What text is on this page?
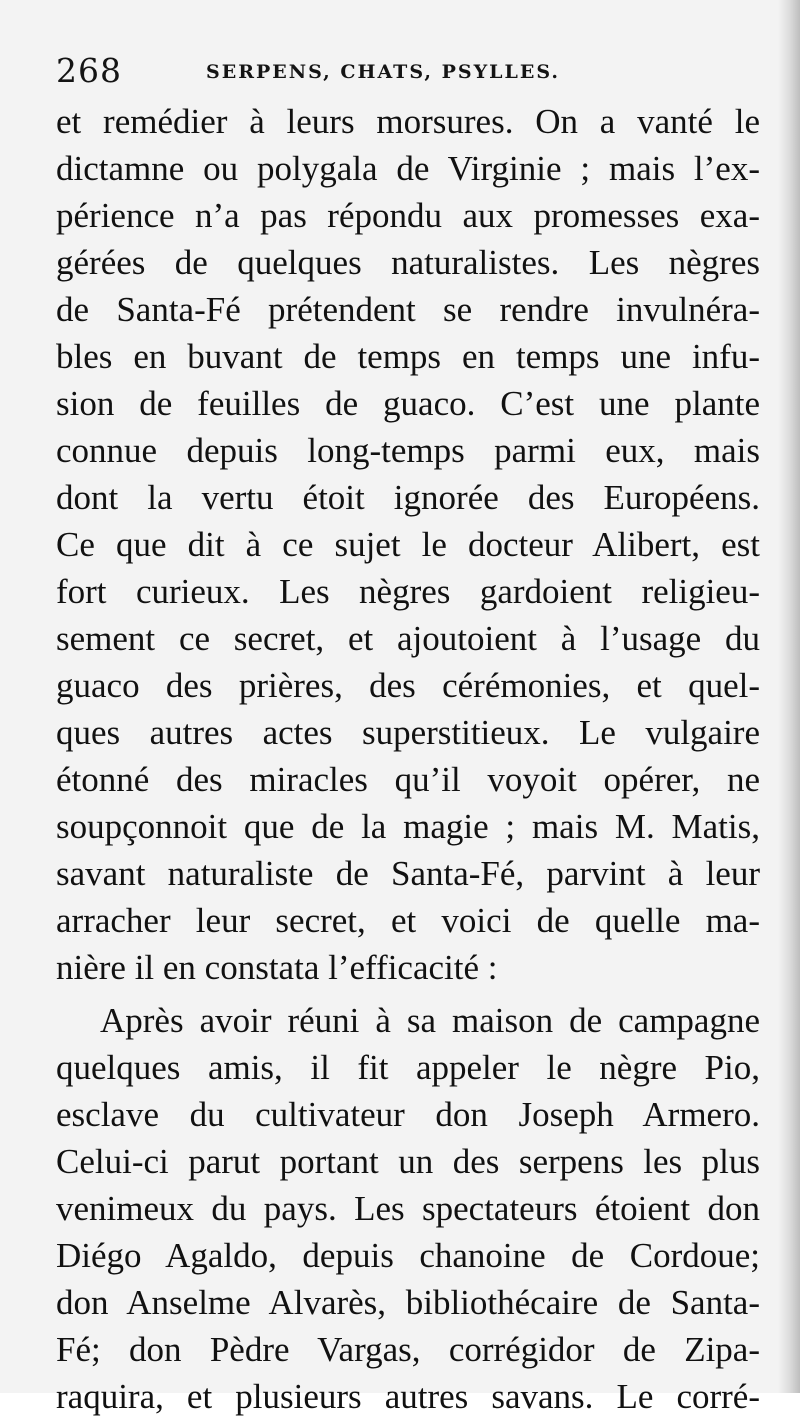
268	SERPENS, CHATS, PSYLLES.
et remédier à leurs morsures. On a vanté le
dictamne ou polygala de Virginie ; mais l’ex-
périence n’a pas répondu aux promesses exa-
gérées de quelques naturalistes. Les nègres
de Santa-Fé prétendent se rendre invulnéra-
bles en buvant de temps en temps une infu-
sion de feuilles de guaco. C’est une plante
connue depuis long-temps parmi eux, mais
dont la vertu étoit ignorée des Européens.
Ce que dit à ce sujet le docteur Alibert, est
fort curieux. Les nègres gardoient religieu-
sement ce secret, et ajoutoient à l’usage du
guaco des prières, des cérémonies, et quel-
ques autres actes superstitieux. Le vulgaire
étonné des miracles qu’il voyoit opérer, ne
soupçonnoit que de la magie ; mais M. Matis,
savant naturaliste de Santa-Fé, parvint à leur
arracher leur secret, et voici de quelle ma-
nière il en constata l’efficacité :
Après avoir réuni à sa maison de campagne
quelques amis, il fit appeler le nègre Pio,
esclave du cultivateur don Joseph Armero.
Celui-ci parut portant un des serpens les plus
venimeux du pays. Les spectateurs étoient don
Diégo Agaldo, depuis chanoine de Cordoue;
don Anselme Alvarès, bibliothécaire de Santa-
Fé; don Pèdre Vargas, corrégidor de Zipa-
raquira, et plusieurs autres savans. Le corré-
